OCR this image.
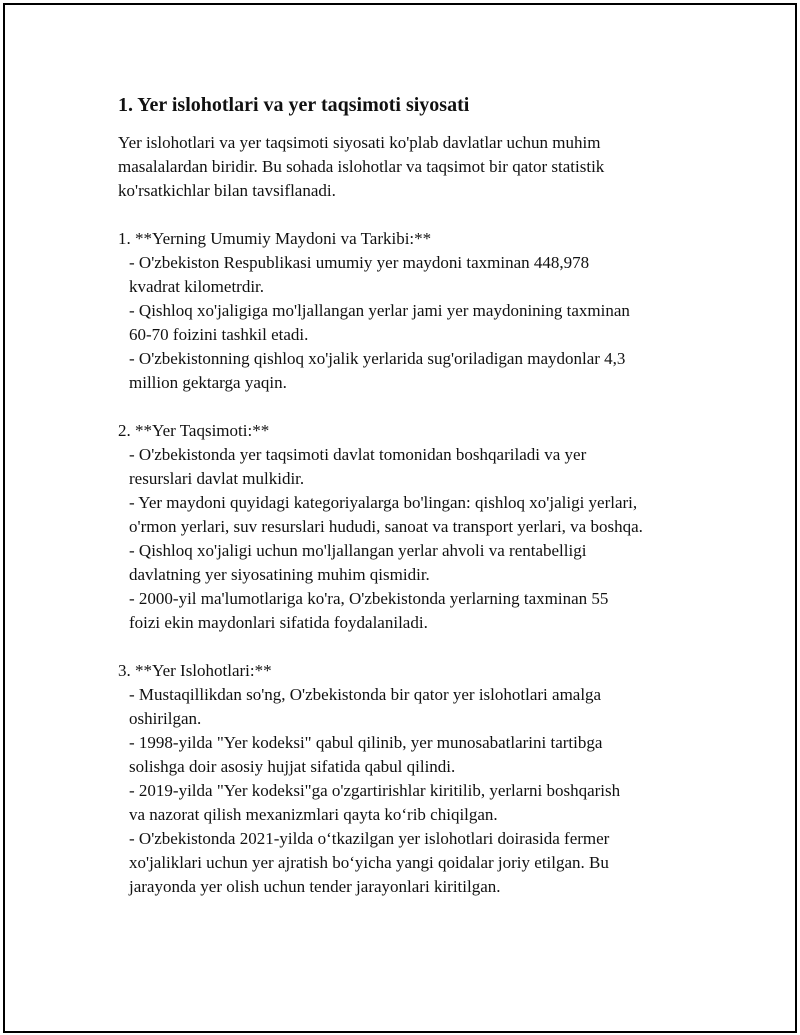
1. Yer islohotlari va yer taqsimoti siyosati
Yer islohotlari va yer taqsimoti siyosati ko'plab davlatlar uchun muhim
masalalardan biridir. Bu sohada islohotlar va taqsimot bir qator statistik
ko'rsatkichlar bilan tavsiflanadi.
1. **Yerning Umumiy Maydoni va Tarkibi:**
- O'zbekiston Respublikasi umumiy yer maydoni taxminan 448,978
kvadrat kilometrdir.
- Qishloq xo'jaligiga mo'ljallangan yerlar jami yer maydonining taxminan
60-70 foizini tashkil etadi.
- O'zbekistonning qishloq xo'jalik yerlarida sug'oriladigan maydonlar 4,3
million gektarga yaqin.
2. **Yer Taqsimoti:**
- O'zbekistonda yer taqsimoti davlat tomonidan boshqariladi va yer
resurslari davlat mulkidir.
- Yer maydoni quyidagi kategoriyalarga bo'lingan: qishloq xo'jaligi yerlari,
o'rmon yerlari, suv resurslari hududi, sanoat va transport yerlari, va boshqa.
- Qishloq xo'jaligi uchun mo'ljallangan yerlar ahvoli va rentabelligi
davlatning yer siyosatining muhim qismidir.
- 2000-yil ma'lumotlariga ko'ra, O'zbekistonda yerlarning taxminan 55
foizi ekin maydonlari sifatida foydalaniladi.
3. **Yer Islohotlari:**
- Mustaqillikdan so'ng, O'zbekistonda bir qator yer islohotlari amalga
oshirilgan.
- 1998-yilda "Yer kodeksi" qabul qilinib, yer munosabatlarini tartibga
solishga doir asosiy hujjat sifatida qabul qilindi.
- 2019-yilda "Yer kodeksi"ga o'zgartirishlar kiritilib, yerlarni boshqarish
va nazorat qilish mexanizmlari qayta ko‘rib chiqilgan.
- O'zbekistonda 2021-yilda o‘tkazilgan yer islohotlari doirasida fermer
xo'jaliklari uchun yer ajratish bo‘yicha yangi qoidalar joriy etilgan. Bu
jarayonda yer olish uchun tender jarayonlari kiritilgan.
